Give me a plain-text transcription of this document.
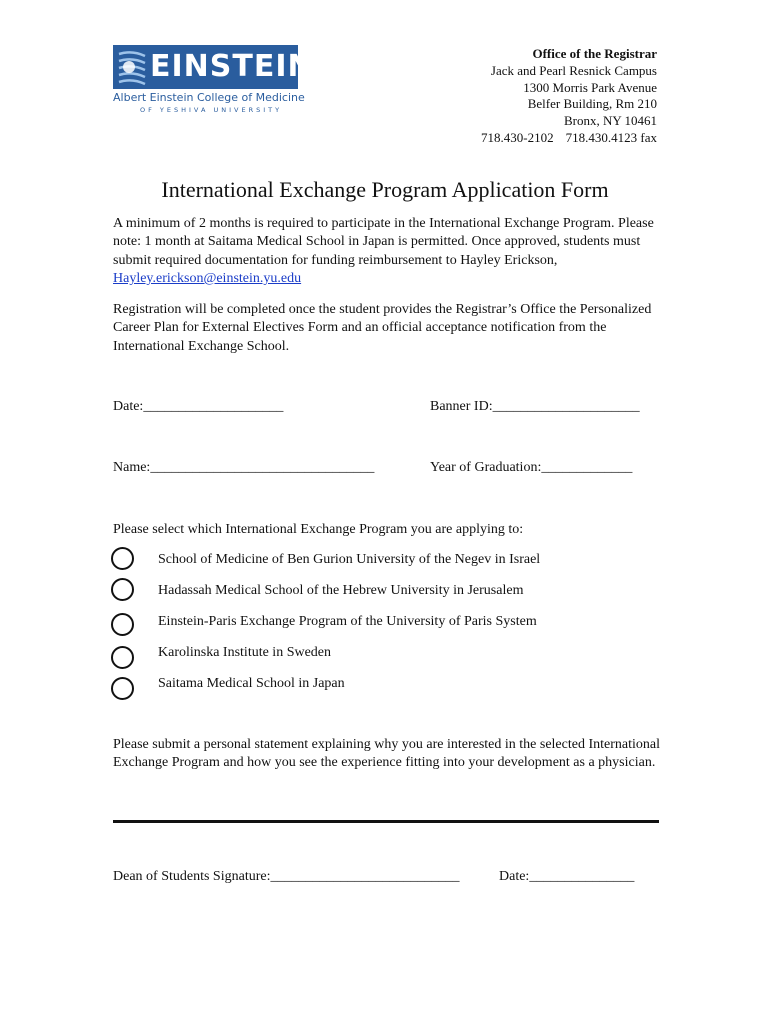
EINSTEIN
Albert Einstein College of Medicine
OF YESHIVA UNIVERSITY
Office of the Registrar
Jack and Pearl Resnick Campus
1300 Morris Park Avenue
Belfer Building, Rm 210
Bronx, NY 10461
718.430-2102 718.430.4123 fax
International Exchange Program Application Form
A minimum of 2 months is required to participate in the International Exchange Program. Please note: 1 month at Saitama Medical School in Japan is permitted. Once approved, students must submit required documentation for funding reimbursement to Hayley Erickson, Hayley.erickson@einstein.yu.edu
Registration will be completed once the student provides the Registrar’s Office the Personalized Career Plan for External Electives Form and an official acceptance notification from the International Exchange School.
Date:____________________	Banner ID:_____________________
Name:________________________________	Year of Graduation:_____________
Please select which International Exchange Program you are applying to:
School of Medicine of Ben Gurion University of the Negev in Israel
Hadassah Medical School of the Hebrew University in Jerusalem
Einstein-Paris Exchange Program of the University of Paris System
Karolinska Institute in Sweden
Saitama Medical School in Japan
Please submit a personal statement explaining why you are interested in the selected International Exchange Program and how you see the experience fitting into your development as a physician.
Dean of Students Signature:___________________________	Date:_______________
